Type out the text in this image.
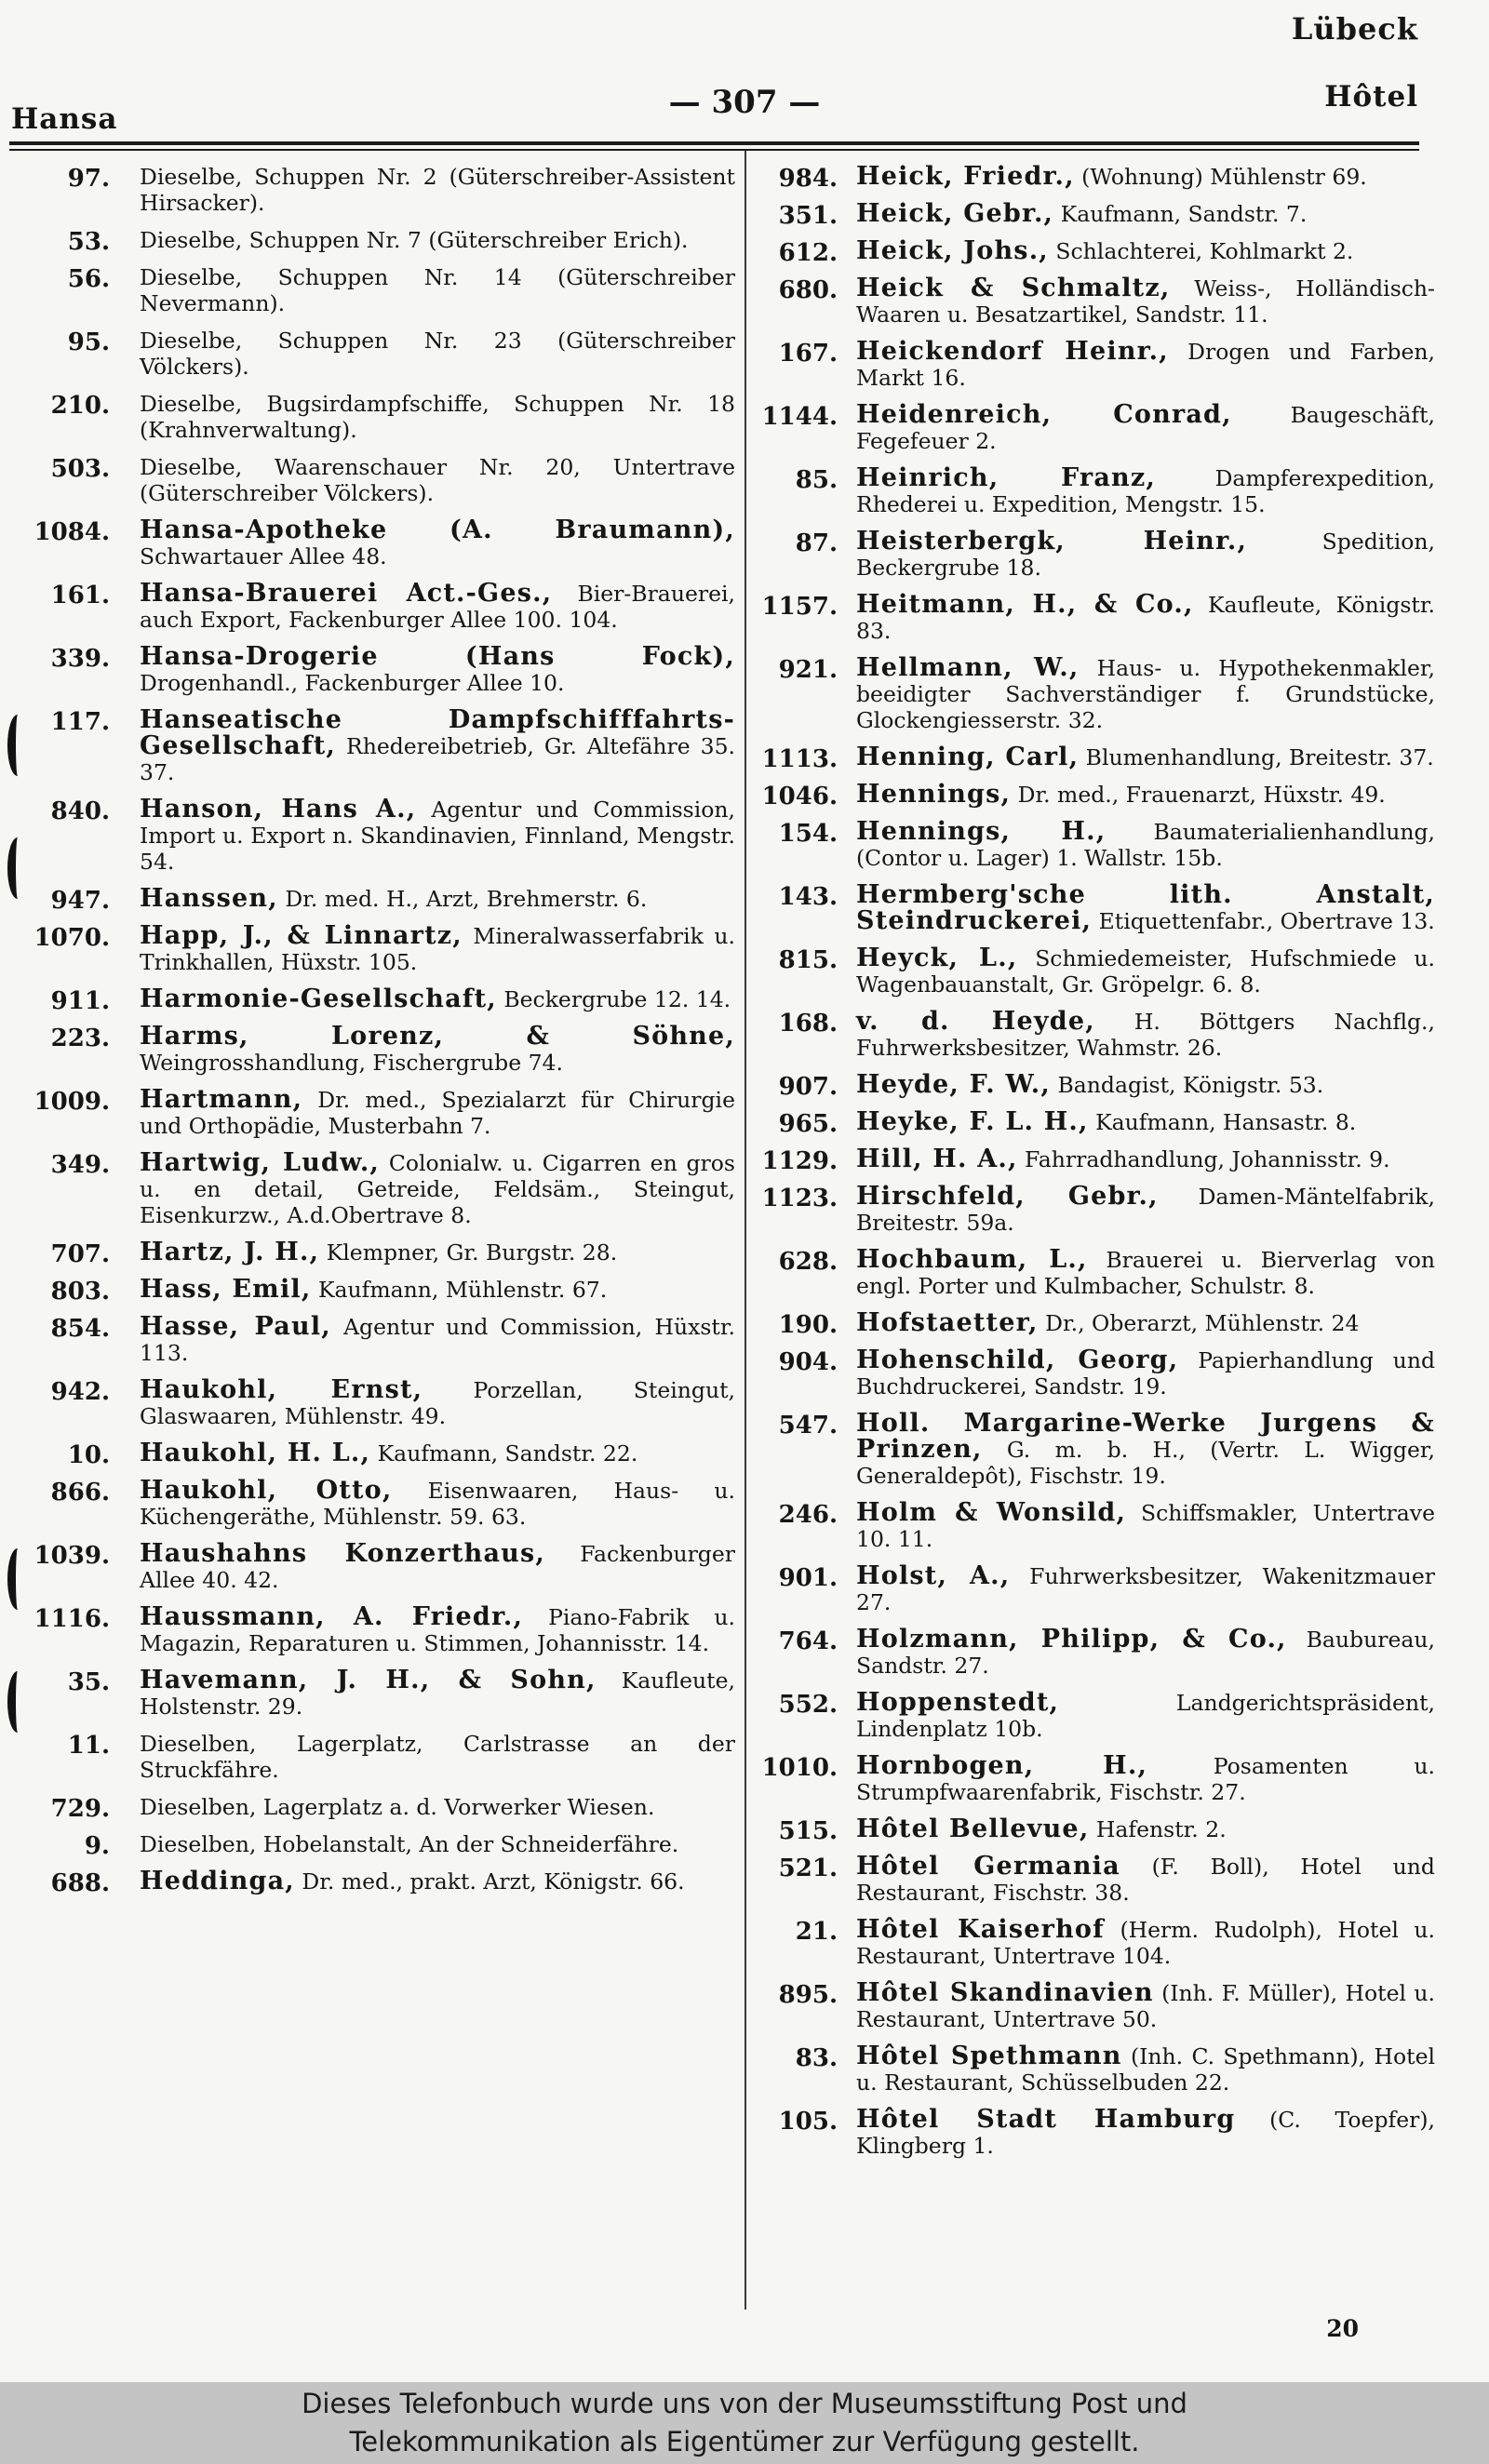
Lübeck
Hansa	— 307 —	Hôtel
97. Dieselbe, Schuppen Nr. 2 (Güterschreiber-Assistent Hirsacker).
53. Dieselbe, Schuppen Nr. 7 (Güterschreiber Erich).
56. Dieselbe, Schuppen Nr. 14 (Güterschreiber Nevermann).
95. Dieselbe, Schuppen Nr. 23 (Güterschreiber Völckers).
210. Dieselbe, Bugsirdampfschiffe, Schuppen Nr. 18 (Krahnverwaltung).
503. Dieselbe, Waarenschauer Nr. 20, Untertrave (Güterschreiber Völckers).
1084. Hansa-Apotheke (A. Braumann), Schwartauer Allee 48.
161. Hansa-Brauerei Act.-Ges., Bier-Brauerei, auch Export, Fackenburger Allee 100. 104.
339. Hansa-Drogerie (Hans Fock), Drogenhandl., Fackenburger Allee 10.
117. Hanseatische Dampfschifffahrts-Gesellschaft, Rhedereibetrieb, Gr. Altefähre 35. 37.
840. Hanson, Hans A., Agentur und Commission, Import u. Export n. Skandinavien, Finnland, Mengstr. 54.
947. Hanssen, Dr. med. H., Arzt, Brehmerstr. 6.
1070. Happ, J., & Linnartz, Mineralwasserfabrik u. Trinkhallen, Hüxstr. 105.
911. Harmonie-Gesellschaft, Beckergrube 12. 14.
223. Harms, Lorenz, & Söhne, Weingrosshandlung, Fischergrube 74.
1009. Hartmann, Dr. med., Spezialarzt für Chirurgie und Orthopädie, Musterbahn 7.
349. Hartwig, Ludw., Colonialw. u. Cigarren en gros u. en detail, Getreide, Feldsäm., Steingut, Eisenkurzw., A.d.Obertrave 8.
707. Hartz, J. H., Klempner, Gr. Burgstr. 28.
803. Hass, Emil, Kaufmann, Mühlenstr. 67.
854. Hasse, Paul, Agentur und Commission, Hüxstr. 113.
942. Haukohl, Ernst, Porzellan, Steingut, Glaswaaren, Mühlenstr. 49.
10. Haukohl, H. L., Kaufmann, Sandstr. 22.
866. Haukohl, Otto, Eisenwaaren, Haus- u. Küchengeräthe, Mühlenstr. 59. 63.
1039. Haushahns Konzerthaus, Fackenburger Allee 40. 42.
1116. Haussmann, A. Friedr., Piano-Fabrik u. Magazin, Reparaturen u. Stimmen, Johannisstr. 14.
35. Havemann, J. H., & Sohn, Kaufleute, Holstenstr. 29.
11. Dieselben, Lagerplatz, Carlstrasse an der Struckfähre.
729. Dieselben, Lagerplatz a. d. Vorwerker Wiesen.
9. Dieselben, Hobelanstalt, An der Schneiderfähre.
688. Heddinga, Dr. med., prakt. Arzt, Königstr. 66.
984. Heick, Friedr., (Wohnung) Mühlenstr 69.
351. Heick, Gebr., Kaufmann, Sandstr. 7.
612. Heick, Johs., Schlachterei, Kohlmarkt 2.
680. Heick & Schmaltz, Weiss-, Holländisch-Waaren u. Besatzartikel, Sandstr. 11.
167. Heickendorf Heinr., Drogen und Farben, Markt 16.
1144. Heidenreich, Conrad,	Baugeschäft, Fegefeuer 2.
85. Heinrich, Franz,	Dampferexpedition, Rhederei u. Expedition, Mengstr. 15.
87. Heisterbergk, Heinr.,	Spedition, Beckergrube 18.
1157. Heitmann, H., & Co., Kaufleute, Königstr. 83.
921. Hellmann, W., Haus- u. Hypothekenmakler, beeidigter Sachverständiger f. Grundstücke, Glockengiesserstr. 32.
1113. Henning, Carl, Blumenhandlung, Breitestr. 37.
1046. Hennings, Dr. med., Frauenarzt, Hüxstr. 49.
154. Hennings, H., Baumaterialienhandlung, (Contor u. Lager) 1. Wallstr. 15b.
143. Hermberg'sche lith. Anstalt, Steindruckerei, Etiquettenfabr., Obertrave 13.
815. Heyck, L., Schmiedemeister, Hufschmiede u. Wagenbauanstalt, Gr. Gröpelgr. 6. 8.
168. v. d. Heyde, H. Böttgers Nachflg., Fuhrwerksbesitzer, Wahmstr. 26.
907. Heyde, F. W., Bandagist, Königstr. 53.
965. Heyke, F. L. H., Kaufmann, Hansastr. 8.
1129. Hill, H. A., Fahrradhandlung, Johannisstr. 9.
1123. Hirschfeld, Gebr., Damen-Mäntelfabrik, Breitestr. 59a.
628. Hochbaum, L., Brauerei u. Bierverlag von engl. Porter und Kulmbacher, Schulstr. 8.
190. Hofstaetter, Dr., Oberarzt, Mühlenstr. 24
904. Hohenschild, Georg, Papierhandlung und Buchdruckerei, Sandstr. 19.
547. Holl. Margarine-Werke Jurgens & Prinzen, G. m. b. H., (Vertr. L. Wigger, Generaldepôt), Fischstr. 19.
246. Holm & Wonsild, Schiffsmakler, Untertrave 10. 11.
901. Holst, A., Fuhrwerksbesitzer, Wakenitzmauer 27.
764. Holzmann, Philipp, & Co., Baubureau, Sandstr. 27.
552. Hoppenstedt,	Landgerichtspräsident, Lindenplatz 10b.
1010. Hornbogen, H.,	Posamenten u. Strumpfwaarenfabrik, Fischstr. 27.
515. Hôtel Bellevue, Hafenstr. 2.
521. Hôtel Germania (F. Boll), Hotel und Restaurant, Fischstr. 38.
21. Hôtel Kaiserhof (Herm. Rudolph), Hotel u. Restaurant, Untertrave 104.
895. Hôtel Skandinavien (Inh. F. Müller), Hotel u. Restaurant, Untertrave 50.
83. Hôtel Spethmann (Inh. C. Spethmann), Hotel u. Restaurant, Schüsselbuden 22.
105. Hôtel Stadt Hamburg (C. Toepfer), Klingberg 1.
20
Dieses Telefonbuch wurde uns von der Museumsstiftung Post und
Telekommunikation als Eigentümer zur Verfügung gestellt.
